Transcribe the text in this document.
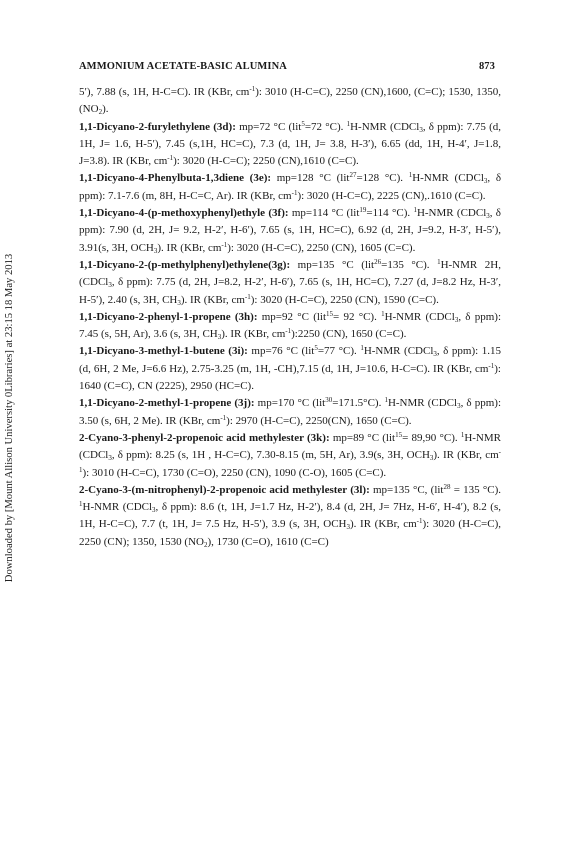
AMMONIUM ACETATE-BASIC ALUMINA	873
Downloaded by [Mount Allison University 0Libraries] at 23:15 18 May 2013

5′), 7.88 (s, 1H, H-C=C). IR (KBr, $cm^{-1}$): 3010 (H-C=C), 2250 (CN),1600, (C=C); 1530, 1350, $(NO_2)$.

1,1-Dicyano-2-furylethylene (3d): mp=72 °C (lit$^5$=72 °C). $^1$H-NMR (CDCl$_3$, δ ppm): 7.75 (d, 1H, J= 1.6, H-5′), 7.45 (s,1H, HC=C), 7.3 (d, 1H, J= 3.8, H-3′), 6.65 (dd, 1H, H-4′, J=1.8, J=3.8). IR (KBr, $cm^{-1}$): 3020 (H-C=C); 2250 (CN),1610 (C=C).

1,1-Dicyano-4-Phenylbuta-1,3diene (3e): mp=128 °C (lit$^{27}$=128 °C). $^1$H-NMR (CDCl$_3$, δ ppm): 7.1-7.6 (m, 8H, H-C=C, Ar). IR (KBr, $cm^{-1}$): 3020 (H-C=C), 2225 (CN),.1610 (C=C).

1,1-Dicyano-4-(p-methoxyphenyl)ethyle (3f): mp=114 °C (lit$^{19}$=114 °C). $^1$H-NMR (CDCl$_3$, δ ppm): 7.90 (d, 2H, J= 9.2, H-2′, H-6′), 7.65 (s, 1H, HC=C), 6.92 (d, 2H, J=9.2, H-3′, H-5′), 3.91(s, 3H, $OCH_3$). IR (KBr, $cm^{-1}$): 3020 (H-C=C), 2250 (CN), 1605 (C=C).

1,1-Dicyano-2-(p-methylphenyl)ethylene(3g): mp=135 °C (lit$^{26}$=135 °C). $^1$H-NMR 2H, (CDCl$_3$, δ ppm): 7.75 (d, 2H, J=8.2, H-2′, H-6′), 7.65 (s, 1H, HC=C), 7.27 (d, J=8.2 Hz, H-3′, H-5′), 2.40 (s, 3H, $CH_3$). IR (KBr, $cm^{-1}$): 3020 (H-C=C), 2250 (CN), 1590 (C=C).

1,1-Dicyano-2-phenyl-1-propene (3h): mp=92 °C (lit$^{15}$= 92 °C). $^1$H-NMR (CDCl$_3$, δ ppm): 7.45 (s, 5H, Ar), 3.6 (s, 3H, $CH_3$). IR (KBr, $cm^{-1}):2250$ (CN), 1650 (C=C).

1,1-Dicyano-3-methyl-1-butene (3i): mp=76 °C (lit$^5$=77 °C). $^1$H-NMR (CDCl$_3$, δ ppm): 1.15 (d, 6H, 2 Me, J=6.6 Hz), 2.75-3.25 (m, 1H, -CH),7.15 (d, 1H, J=10.6, H-C=C). IR (KBr, $cm^{-1}$): 1640 (C=C), CN (2225), 2950 (HC=C).

1,1-Dicyano-2-methyl-1-propene (3j): mp=170 °C (lit$^{30}$=171.5°C). $^1$H-NMR (CDCl$_3$, δ ppm): 3.50 (s, 6H, 2 Me). IR (KBr, $cm^{-1}$): 2970 (H-C=C), 2250(CN), 1650 (C=C).

2-Cyano-3-phenyl-2-propenoic acid methylester (3k): mp=89 °C (lit$^{15}$= 89,90 °C). $^1$H-NMR (CDCl$_3$, δ ppm): 8.25 (s, 1H , H-C=C), 7.30-8.15 (m, 5H, Ar), 3.9(s, 3H, $OCH_3$). IR (KBr, $cm^{-1}$): 3010 (H-C=C), 1730 (C=O), 2250 (CN), 1090 (C-O), 1605 (C=C).

2-Cyano-3-(m-nitrophenyl)-2-propenoic acid methylester (3l): mp=135 °C, (lit$^{28}$ = 135 °C). $^1$H-NMR (CDCl$_3$, δ ppm): 8.6 (t, 1H, J=1.7 Hz, H-2′), 8.4 (d, 2H, J= 7Hz, H-6′, H-4′), 8.2 (s, 1H, H-C=C), 7.7 (t, 1H, J= 7.5 Hz, H-5′), 3.9 (s, 3H, $OCH_3$). IR (KBr, $cm^{-1}$): 3020 (H-C=C), 2250 (CN); 1350, 1530 $(NO_2)$, 1730 (C=O), 1610 (C=C)
